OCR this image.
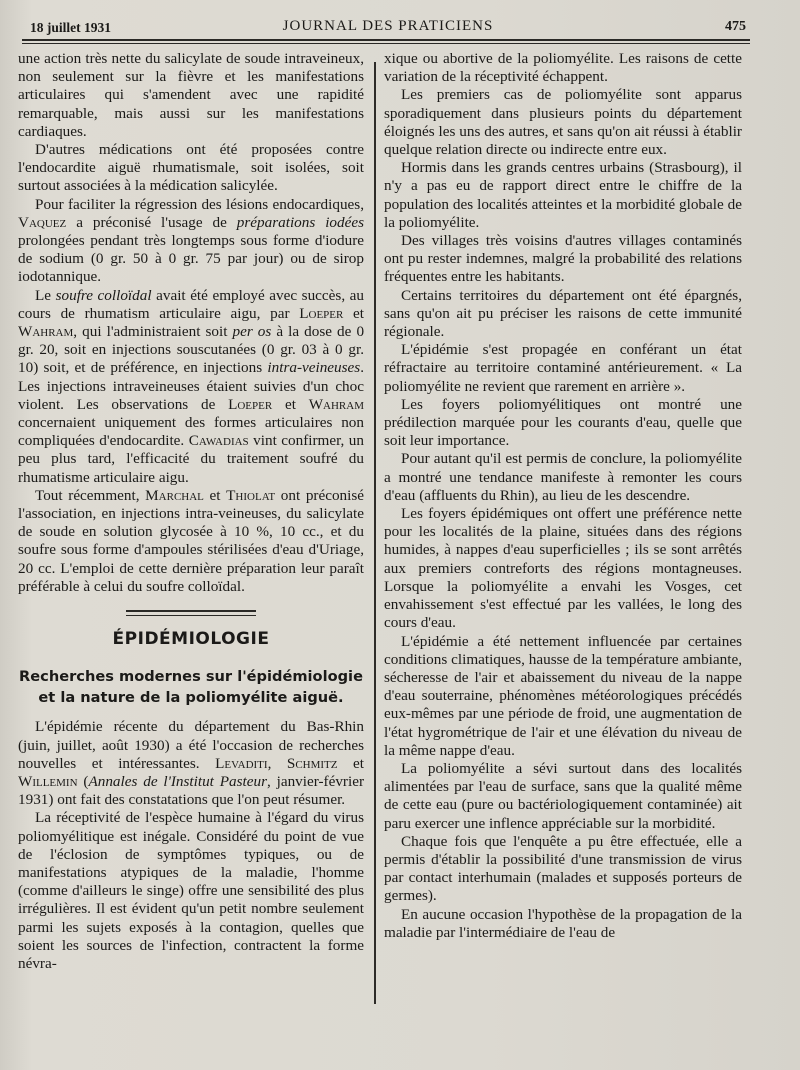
18 juillet 1931	JOURNAL DES PRATICIENS	475

une action très nette du salicylate de soude intraveineux, non seulement sur la fièvre et les manifestations articulaires qui s'amendent avec une rapidité remarquable, mais aussi sur les manifestations cardiaques.

D'autres médications ont été proposées contre l'endocardite aiguë rhumatismale, soit isolées, soit surtout associées à la médication salicylée.

Pour faciliter la régression des lésions endocardiques, Vaquez a préconisé l'usage de préparations iodées prolongées pendant très longtemps sous forme d'iodure de sodium (0 gr. 50 à 0 gr. 75 par jour) ou de sirop iodotannique.

Le soufre colloïdal avait été employé avec succès, au cours de rhumatism articulaire aigu, par Loeper et Wahram, qui l'administraient soit per os à la dose de 0 gr. 20, soit en injections souscutanées (0 gr. 03 à 0 gr. 10) soit, et de préférence, en injections intra-veineuses. Les injections intraveineuses étaient suivies d'un choc violent. Les observations de Loeper et Wahram concernaient uniquement des formes articulaires non compliquées d'endocardite. Cawadias vint confirmer, un peu plus tard, l'efficacité du traitement soufré du rhumatisme articulaire aigu.

Tout récemment, Marchal et Thiolat ont préconisé l'association, en injections intra-veineuses, du salicylate de soude en solution glycosée à 10 %, 10 cc., et du soufre sous forme d'ampoules stérilisées d'eau d'Uriage, 20 cc. L'emploi de cette dernière préparation leur paraît préférable à celui du soufre colloïdal.

ÉPIDÉMIOLOGIE
Recherches modernes sur l'épidémiologie
et la nature de la poliomyélite aiguë.

L'épidémie récente du département du Bas-Rhin (juin, juillet, août 1930) a été l'occasion de recherches nouvelles et intéressantes. Levaditi, Schmitz et Willemin (Annales de l'Institut Pasteur, janvier-février 1931) ont fait des constatations que l'on peut résumer.

La réceptivité de l'espèce humaine à l'égard du virus poliomyélitique est inégale. Considéré du point de vue de l'éclosion de symptômes typiques, ou de manifestations atypiques de la maladie, l'homme (comme d'ailleurs le singe) offre une sensibilité des plus irrégulières. Il est évident qu'un petit nombre seulement parmi les sujets exposés à la contagion, quelles que soient les sources de l'infection, contractent la forme névra-

xique ou abortive de la poliomyélite. Les raisons de cette variation de la réceptivité échappent.

Les premiers cas de poliomyélite sont apparus sporadiquement dans plusieurs points du département éloignés les uns des autres, et sans qu'on ait réussi à établir quelque relation directe ou indirecte entre eux.

Hormis dans les grands centres urbains (Strasbourg), il n'y a pas eu de rapport direct entre le chiffre de la population des localités atteintes et la morbidité globale de la poliomyélite.

Des villages très voisins d'autres villages contaminés ont pu rester indemnes, malgré la probabilité des relations fréquentes entre les habitants.

Certains territoires du département ont été épargnés, sans qu'on ait pu préciser les raisons de cette immunité régionale.

L'épidémie s'est propagée en conférant un état réfractaire au territoire contaminé antérieurement. « La poliomyélite ne revient que rarement en arrière ».

Les foyers poliomyélitiques ont montré une prédilection marquée pour les courants d'eau, quelle que soit leur importance.

Pour autant qu'il est permis de conclure, la poliomyélite a montré une tendance manifeste à remonter les cours d'eau (affluents du Rhin), au lieu de les descendre.

Les foyers épidémiques ont offert une préférence nette pour les localités de la plaine, situées dans des régions humides, à nappes d'eau superficielles ; ils se sont arrêtés aux premiers contreforts des régions montagneuses. Lorsque la poliomyélite a envahi les Vosges, cet envahissement s'est effectué par les vallées, le long des cours d'eau.

L'épidémie a été nettement influencée par certaines conditions climatiques, hausse de la température ambiante, sécheresse de l'air et abaissement du niveau de la nappe d'eau souterraine, phénomènes météorologiques précédés eux-mêmes par une période de froid, une augmentation de l'état hygrométrique de l'air et une élévation du niveau de la même nappe d'eau.

La poliomyélite a sévi surtout dans des localités alimentées par l'eau de surface, sans que la qualité même de cette eau (pure ou bactériologiquement contaminée) ait paru exercer une inflence appréciable sur la morbidité.

Chaque fois que l'enquête a pu être effectuée, elle a permis d'établir la possibilité d'une transmission de virus par contact interhumain (malades et supposés porteurs de germes).

En aucune occasion l'hypothèse de la propagation de la maladie par l'intermédiaire de l'eau de
